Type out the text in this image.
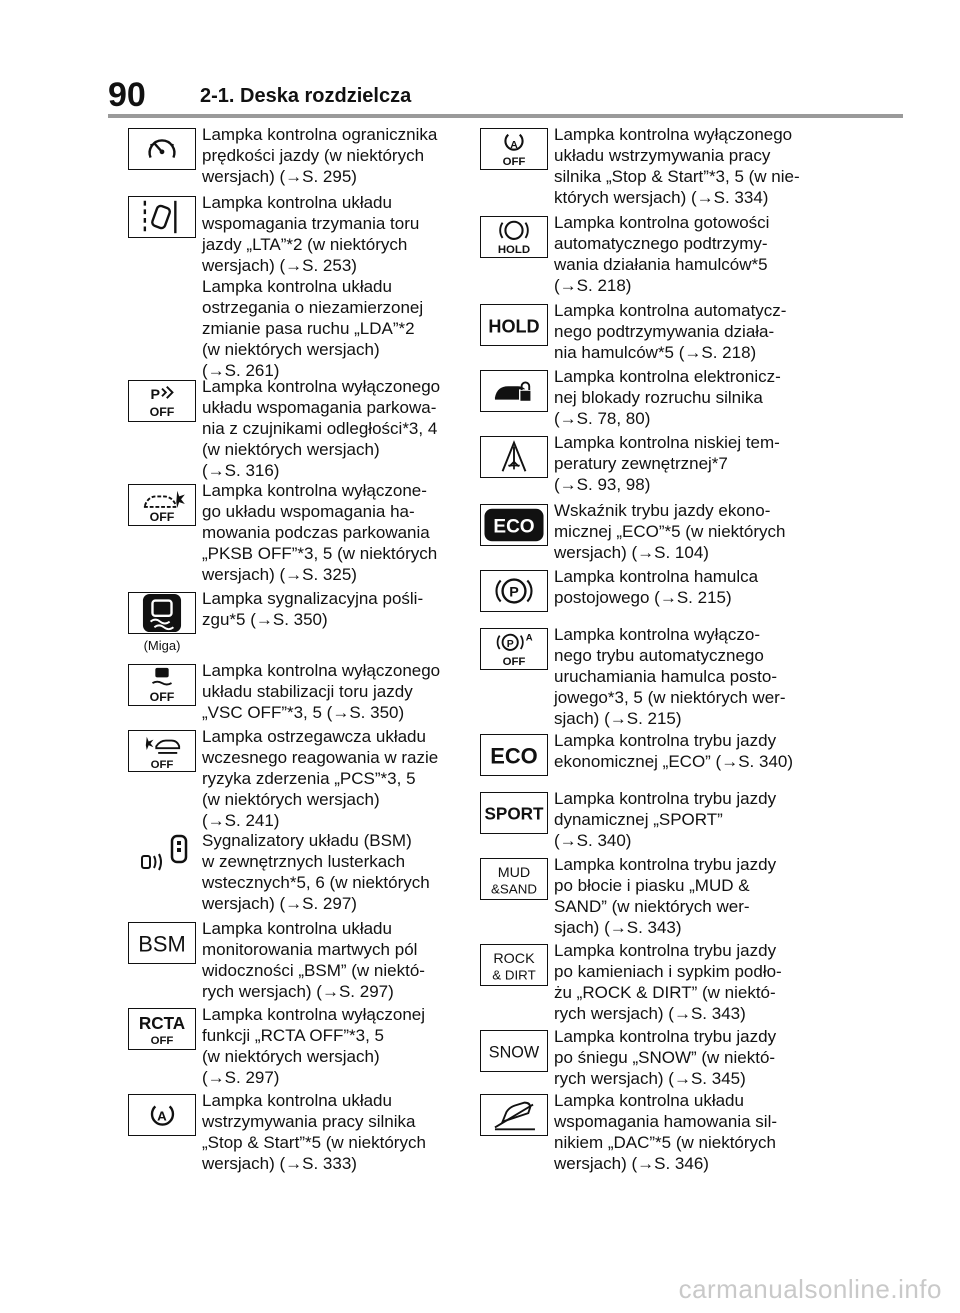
90	2-1. Deska rozdzielcza
Lampka kontrolna ogranicznika
prędkości jazdy (w niektórych
wersjach) (→S. 295)
Lampka kontrolna układu
wspomagania trzymania toru
jazdy „LTA”*2 (w niektórych
wersjach) (→S. 253)
Lampka kontrolna układu
ostrzegania o niezamierzonej
zmianie pasa ruchu „LDA”*2
(w niektórych wersjach)
(→S. 261)
P
OFF
Lampka kontrolna wyłączonego
układu wspomagania parkowa-
nia z czujnikami odległości*3, 4
(w niektórych wersjach)
(→S. 316)
OFF
Lampka kontrolna wyłączone-
go układu wspomagania ha-
mowania podczas parkowania
„PKSB OFF”*3, 5 (w niektórych
wersjach) (→S. 325)
(Miga)
Lampka sygnalizacyjna pośli-
zgu*5 (→S. 350)
OFF
Lampka kontrolna wyłączonego
układu stabilizacji toru jazdy
„VSC OFF”*3, 5 (→S. 350)
OFF
Lampka ostrzegawcza układu
wczesnego reagowania w razie
ryzyka zderzenia „PCS”*3, 5
(w niektórych wersjach)
(→S. 241)
Sygnalizatory układu (BSM)
w zewnętrznych lusterkach
wstecznych*5, 6 (w niektórych
wersjach) (→S. 297)
BSM
Lampka kontrolna układu
monitorowania martwych pól
widoczności „BSM” (w niektó-
rych wersjach) (→S. 297)
RCTA
OFF
Lampka kontrolna wyłączonej
funkcji „RCTA OFF”*3, 5
(w niektórych wersjach)
(→S. 297)
A
Lampka kontrolna układu
wstrzymywania pracy silnika
„Stop & Start”*5 (w niektórych
wersjach) (→S. 333)
A
OFF
Lampka kontrolna wyłączonego
układu wstrzymywania pracy
silnika „Stop & Start”*3, 5 (w nie-
których wersjach) (→S. 334)
HOLD
Lampka kontrolna gotowości
automatycznego podtrzymy-
wania działania hamulców*5
(→S. 218)
HOLD
Lampka kontrolna automatycz-
nego podtrzymywania działa-
nia hamulców*5 (→S. 218)
Lampka kontrolna elektronicz-
nej blokady rozruchu silnika
(→S. 78, 80)
Lampka kontrolna niskiej tem-
peratury zewnętrznej*7
(→S. 93, 98)
ECO
Wskaźnik trybu jazdy ekono-
micznej „ECO”*5 (w niektórych
wersjach) (→S. 104)
P
Lampka kontrolna hamulca
postojowego (→S. 215)
P
A
OFF
Lampka kontrolna wyłączo-
nego trybu automatycznego
uruchamiania hamulca posto-
jowego*3, 5 (w niektórych wer-
sjach) (→S. 215)
ECO
Lampka kontrolna trybu jazdy
ekonomicznej „ECO” (→S. 340)
SPORT
Lampka kontrolna trybu jazdy
dynamicznej „SPORT”
(→S. 340)
MUD
&SAND
Lampka kontrolna trybu jazdy
po błocie i piasku „MUD &
SAND” (w niektórych wer-
sjach) (→S. 343)
ROCK
& DIRT
Lampka kontrolna trybu jazdy
po kamieniach i sypkim podło-
żu „ROCK & DIRT” (w niektó-
rych wersjach) (→S. 343)
SNOW
Lampka kontrolna trybu jazdy
po śniegu „SNOW” (w niektó-
rych wersjach) (→S. 345)
Lampka kontrolna układu
wspomagania hamowania sil-
nikiem „DAC”*5 (w niektórych
wersjach) (→S. 346)
carmanualsonline.info
